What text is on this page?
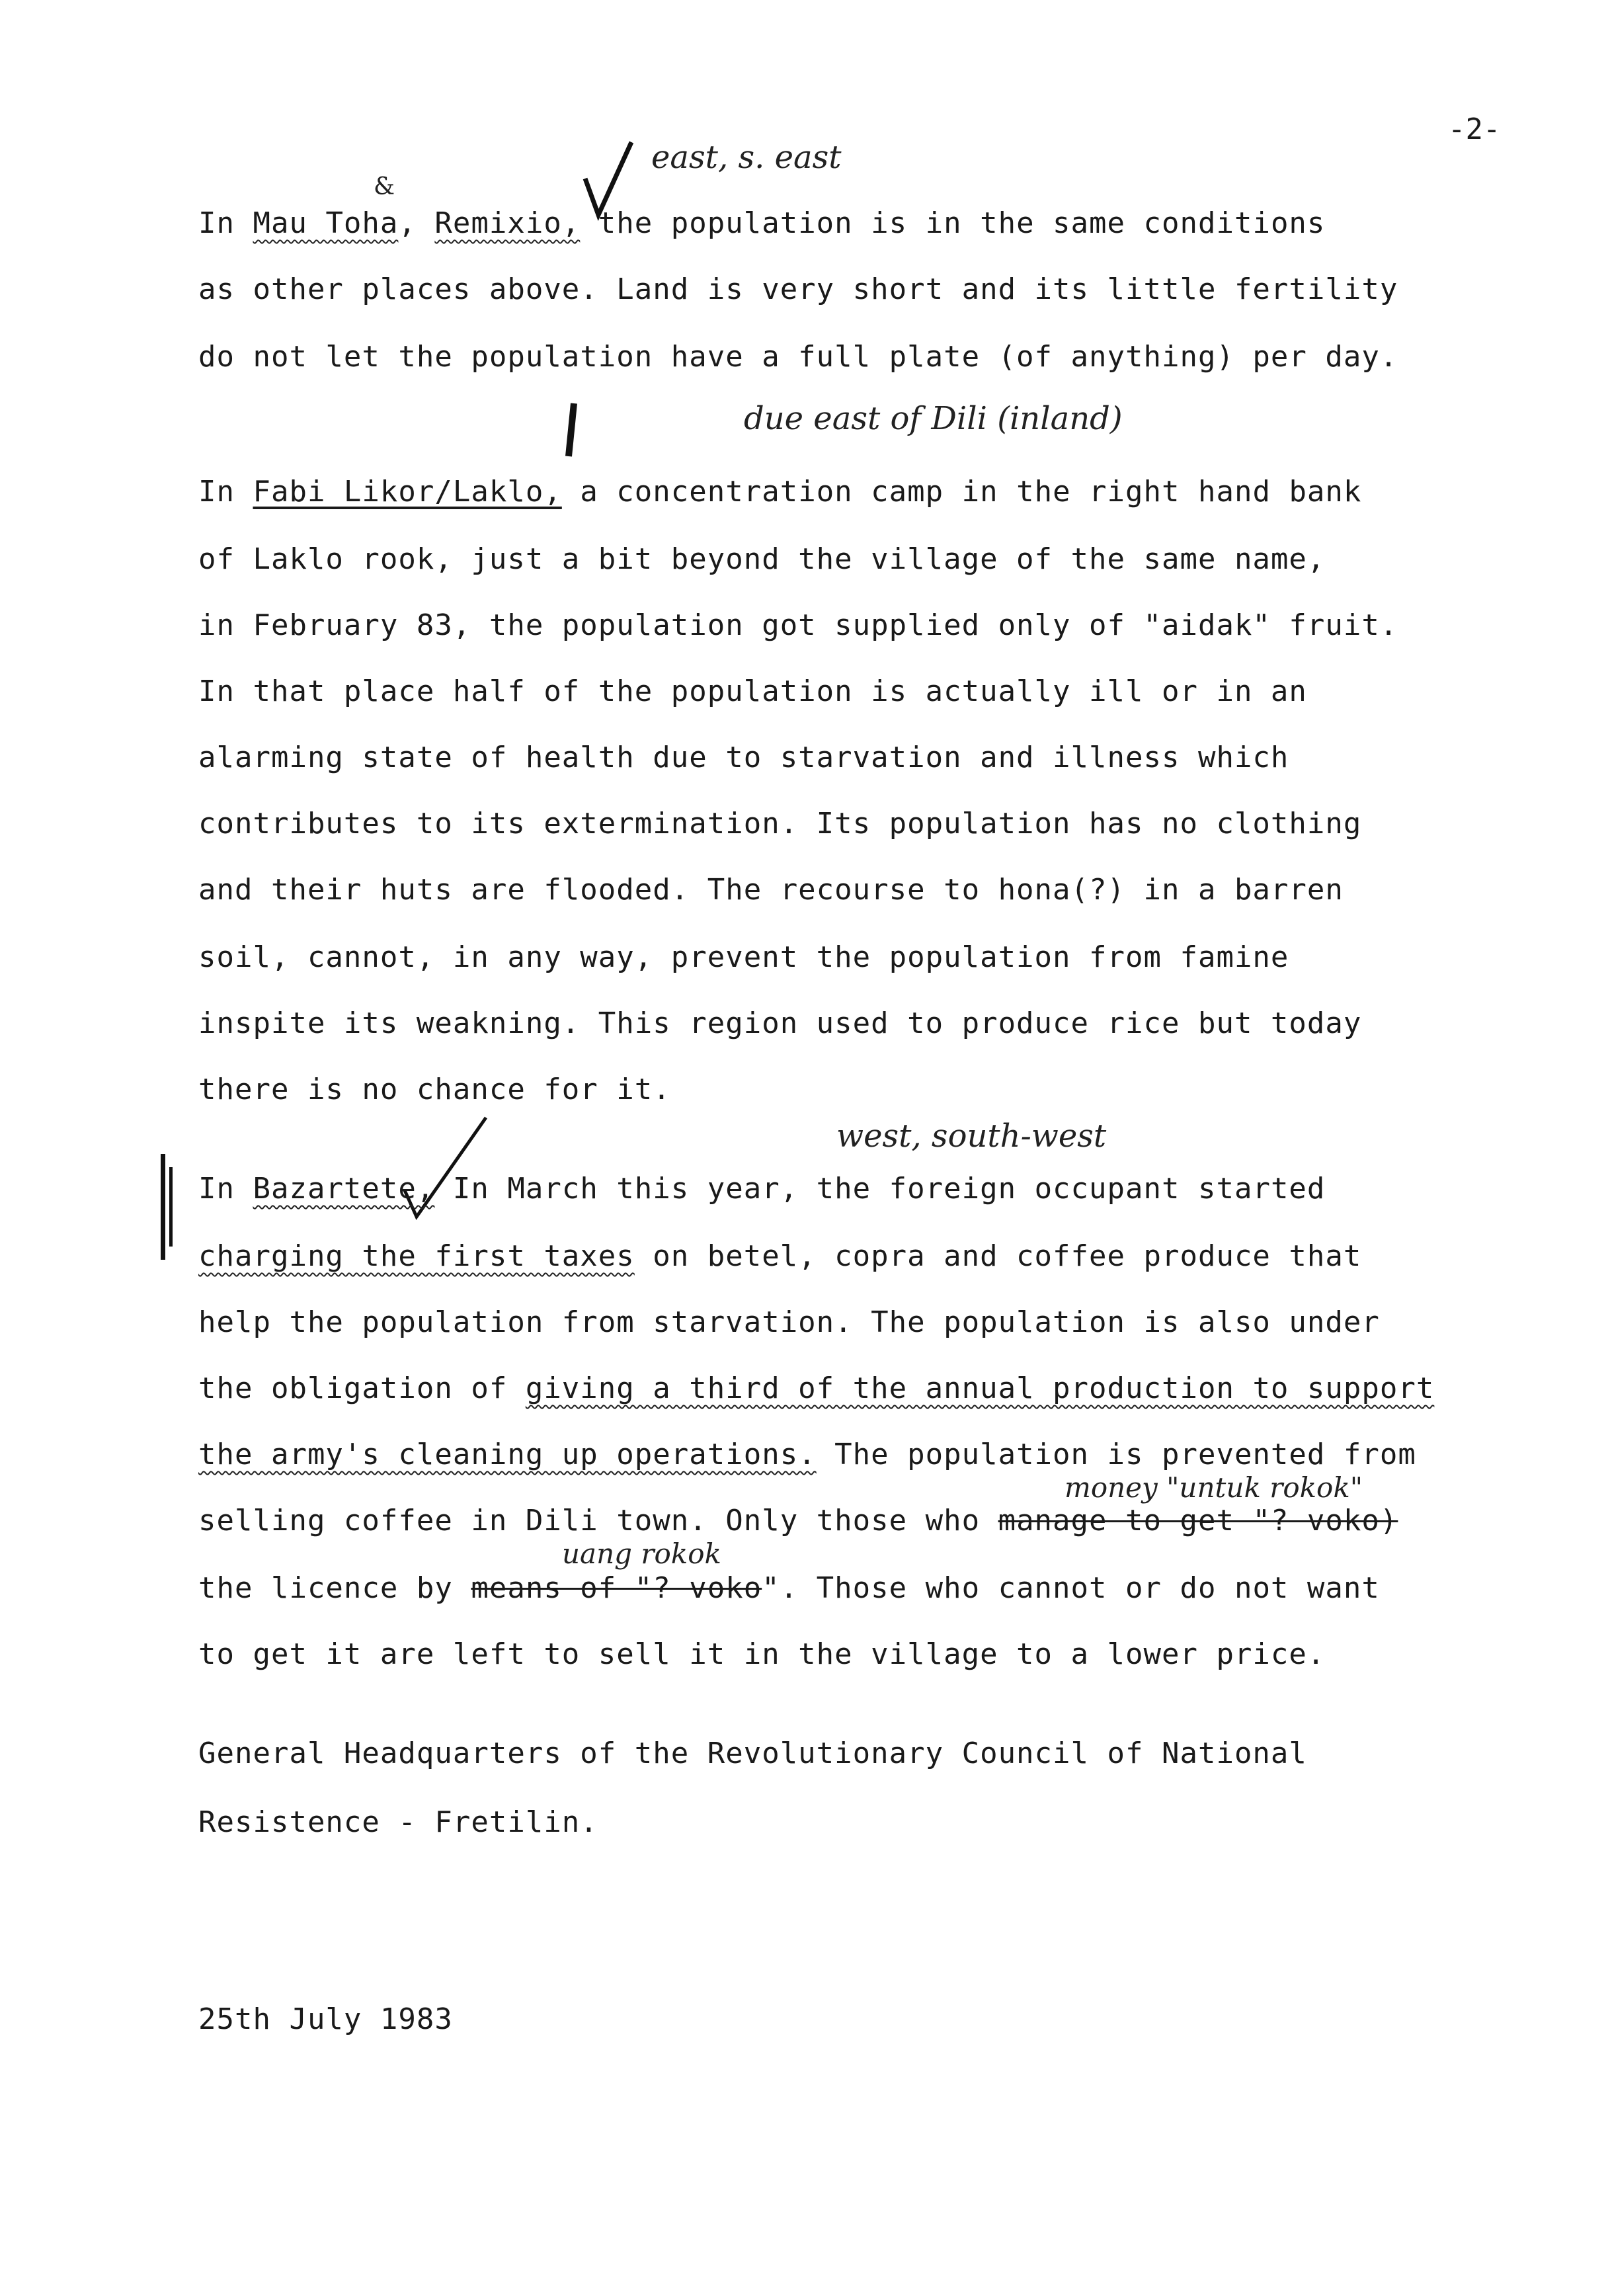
-2-
&
east, s. east
due east of Dili (inland)
west, south-west
money "untuk rokok"
uang rokok
In Mau Toha, Remixio, the population is in the same conditions
as other places above. Land is very short and its little fertility
do not let the population have a full plate (of anything) per day.
In Fabi Likor/Laklo, a concentration camp in the right hand bank
of Laklo rook, just a bit beyond the village of the same name,
in February 83, the population got supplied only of "aidak" fruit.
In that place half of the population is actually ill or in an
alarming state of health due to starvation and illness which
contributes to its extermination. Its population has no clothing
and their huts are flooded. The recourse to hona(?) in a barren
soil, cannot, in any way, prevent the population from famine
inspite its weakning. This region used to produce rice but today
there is no chance for it.
In Bazartete, In March this year, the foreign occupant started
charging the first taxes on betel, copra and coffee produce that
help the population from starvation. The population is also under
the obligation of giving a third of the annual production to support
the army's cleaning up operations. The population is prevented from
selling coffee in Dili town. Only those who manage to get "? voko)
the licence by means of "? voko". Those who cannot or do not want
to get it are left to sell it in the village to a lower price.
General Headquarters of the Revolutionary Council of National
Resistence - Fretilin.
25th July 1983
